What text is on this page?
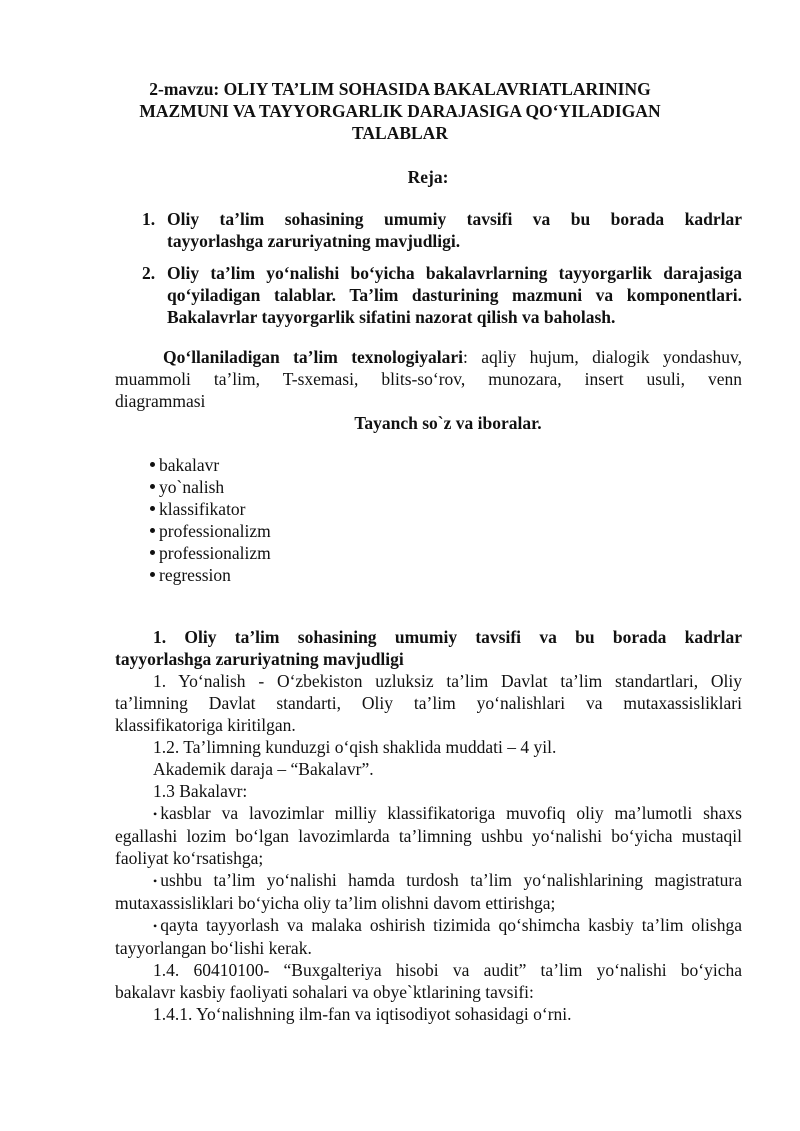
2-mavzu: OLIY TA’LIM SOHASIDA BAKALAVRIATLARINING
MAZMUNI VA TAYYORGARLIK DARAJASIGA QO‘YILADIGAN
TALABLAR
Reja:
1. Oliy ta’lim sohasining umumiy tavsifi va bu borada kadrlar
tayyorlashga zaruriyatning mavjudligi.
2. Oliy ta’lim yo‘nalishi bo‘yicha bakalavrlarning tayyorgarlik darajasiga
qo‘yiladigan talablar. Ta’lim dasturining mazmuni va komponentlari.
Bakalavrlar tayyorgarlik sifatini nazorat qilish va baholash.
Qo‘llaniladigan ta’lim texnologiyalari: aqliy hujum, dialogik yondashuv,
muammoli ta’lim, T-sxemasi, blits-so‘rov, munozara, insert usuli, venn
diagrammasi
Tayanch so`z va iboralar.
bakalavr
yo`nalish
klassifikator
professionalizm
professionalizm
regression
1. Oliy ta’lim sohasining umumiy tavsifi va bu borada kadrlar
tayyorlashga zaruriyatning mavjudligi
1. Yo‘nalish - O‘zbekiston uzluksiz ta’lim Davlat ta’lim standartlari, Oliy
ta’limning Davlat standarti, Oliy ta’lim yo‘nalishlari va mutaxassisliklari
klassifikatoriga kiritilgan.
1.2. Ta’limning kunduzgi o‘qish shaklida muddati – 4 yil.
Akademik daraja – “Bakalavr”.
1.3 Bakalavr:
• kasblar va lavozimlar milliy klassifikatoriga muvofiq oliy ma’lumotli shaxs
egallashi lozim bo‘lgan lavozimlarda ta’limning ushbu yo‘nalishi bo‘yicha mustaqil
faoliyat ko‘rsatishga;
• ushbu ta’lim yo‘nalishi hamda turdosh ta’lim yo‘nalishlarining magistratura
mutaxassisliklari bo‘yicha oliy ta’lim olishni davom ettirishga;
• qayta tayyorlash va malaka oshirish tizimida qo‘shimcha kasbiy ta’lim olishga
tayyorlangan bo‘lishi kerak.
1.4. 60410100- “Buxgalteriya hisobi va audit” ta’lim yo‘nalishi bo‘yicha
bakalavr kasbiy faoliyati sohalari va obye`ktlarining tavsifi:
1.4.1. Yo‘nalishning ilm-fan va iqtisodiyot sohasidagi o‘rni.
